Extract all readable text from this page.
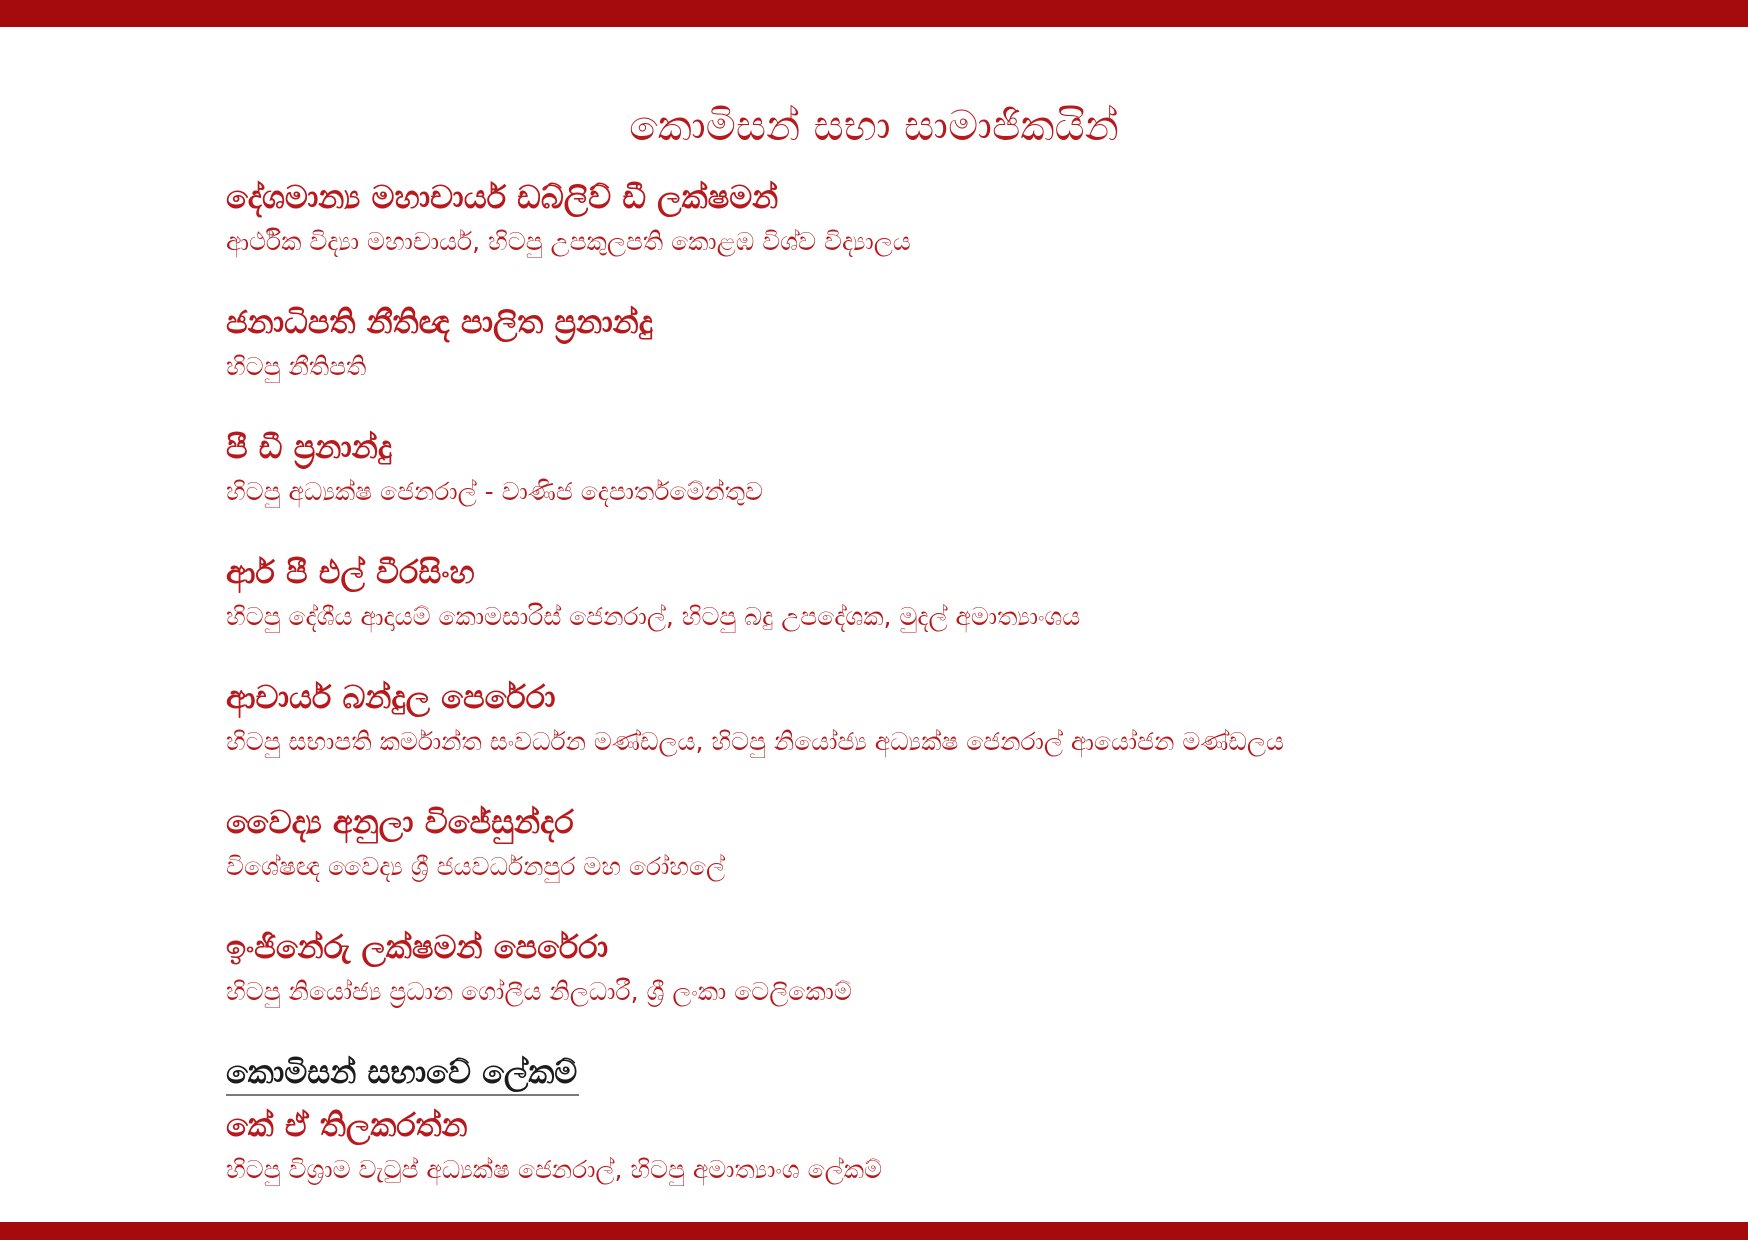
කොමිසන් සභා සාමාජිකයින්
දේශමාන්‍ය මහාචාර්ය ඩබ්ලිව් ඩී ලක්ෂමන්
ආර්ථික විද්‍යා මහාචාර්ය, හිටපු උපකුලපති කොළඹ විශ්ව විද්‍යාලය
ජනාධිපති නීතිඥ පාලිත ප්‍රනාන්දු
හිටපු නීතිපති
පී ඩී ප්‍රනාන්දු
හිටපු අධ්‍යක්ෂ ජෙනරාල් - වාණිජ දෙපාර්තමේන්තුව
ආර් පී එල් වීරසිංහ
හිටපු දේශීය ආදායම් කොමසාරිස් ජෙනරාල්, හිටපු බදු උපදේශක, මුදල් අමාත්‍යාංශය
ආචාර්ය බන්දුල පෙරේරා
හිටපු සභාපති කර්මාන්ත සංවර්ධන මණ්ඩලය, හිටපු නියෝජ්‍ය අධ්‍යක්ෂ ජෙනරාල් ආයෝජන මණ්ඩලය
වෛද්‍ය අනුලා විජේසුන්දර
විශේෂඥ වෛද්‍ය ශ්‍රී ජයවර්ධනපුර මහ රෝහලේ
ඉංජිනේරු ලක්ෂමන් පෙරේරා
හිටපු නියෝජ්‍ය ප්‍රධාන ගෝලීය නිලධාරී, ශ්‍රී ලංකා ටෙලිකොම්
කොමිසන් සභාවේ ලේකම්
කේ ඒ තිලකරත්න
හිටපු විශ්‍රාම වැටුප් අධ්‍යක්ෂ ජෙනරාල්, හිටපු අමාත්‍යාංශ ලේකම්
